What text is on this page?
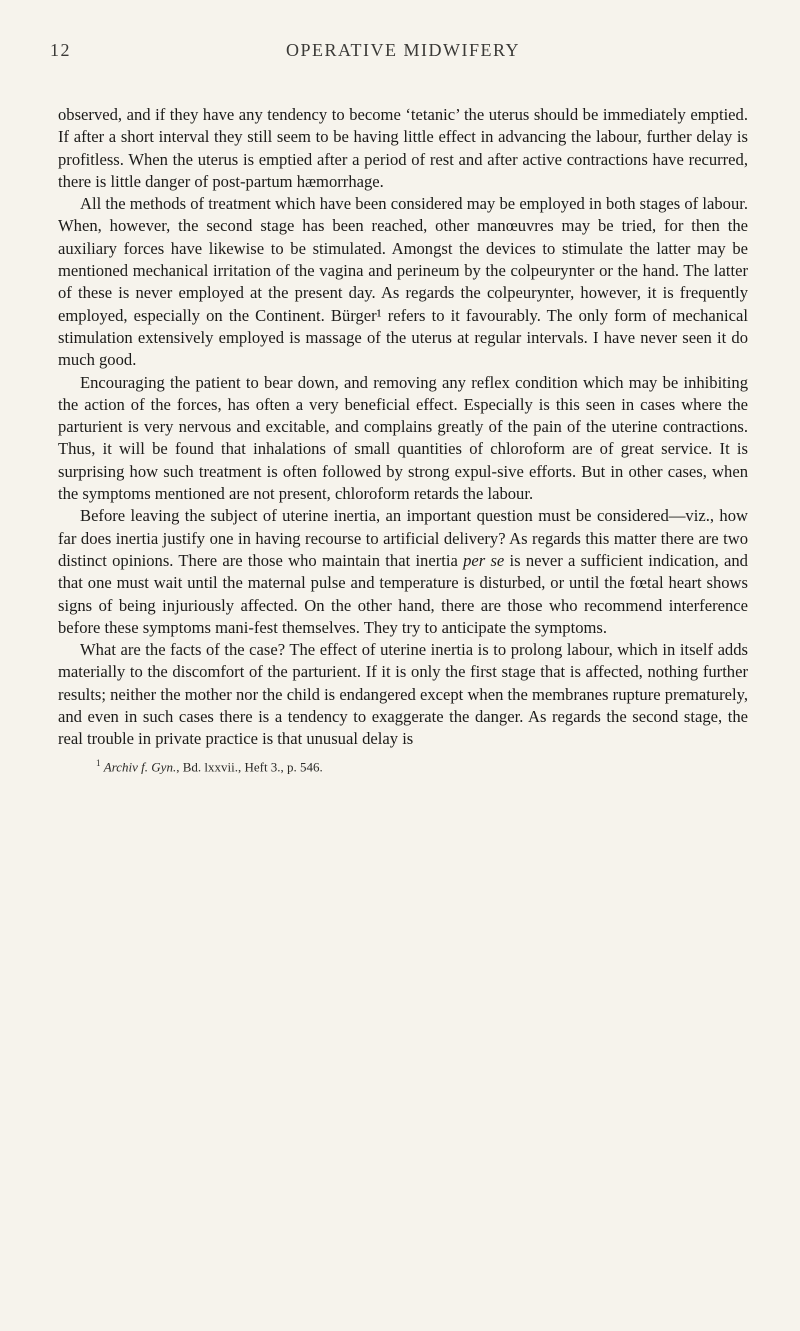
12	OPERATIVE MIDWIFERY

observed, and if they have any tendency to become ‘tetanic’ the uterus should be immediately emptied. If after a short interval they still seem to be having little effect in advancing the labour, further delay is profitless. When the uterus is emptied after a period of rest and after active contractions have recurred, there is little danger of post-partum hæmorrhage.

All the methods of treatment which have been considered may be employed in both stages of labour. When, however, the second stage has been reached, other manœuvres may be tried, for then the auxiliary forces have likewise to be stimulated. Amongst the devices to stimulate the latter may be mentioned mechanical irritation of the vagina and perineum by the colpeurynter or the hand. The latter of these is never employed at the present day. As regards the colpeurynter, however, it is frequently employed, especially on the Continent. Bürger¹ refers to it favourably. The only form of mechanical stimulation extensively employed is massage of the uterus at regular intervals. I have never seen it do much good.

Encouraging the patient to bear down, and removing any reflex condition which may be inhibiting the action of the forces, has often a very beneficial effect. Especially is this seen in cases where the parturient is very nervous and excitable, and complains greatly of the pain of the uterine contractions. Thus, it will be found that inhalations of small quantities of chloroform are of great service. It is surprising how such treatment is often followed by strong expul-sive efforts. But in other cases, when the symptoms mentioned are not present, chloroform retards the labour.

Before leaving the subject of uterine inertia, an important question must be considered—viz., how far does inertia justify one in having recourse to artificial delivery? As regards this matter there are two distinct opinions. There are those who maintain that inertia per se is never a sufficient indication, and that one must wait until the maternal pulse and temperature is disturbed, or until the fœtal heart shows signs of being injuriously affected. On the other hand, there are those who recommend interference before these symptoms mani-fest themselves. They try to anticipate the symptoms.

What are the facts of the case? The effect of uterine inertia is to prolong labour, which in itself adds materially to the discomfort of the parturient. If it is only the first stage that is affected, nothing further results; neither the mother nor the child is endangered except when the membranes rupture prematurely, and even in such cases there is a tendency to exaggerate the danger. As regards the second stage, the real trouble in private practice is that unusual delay is

$^1$ Archiv f. Gyn., Bd. lxxvii., Heft 3., p. 546.
